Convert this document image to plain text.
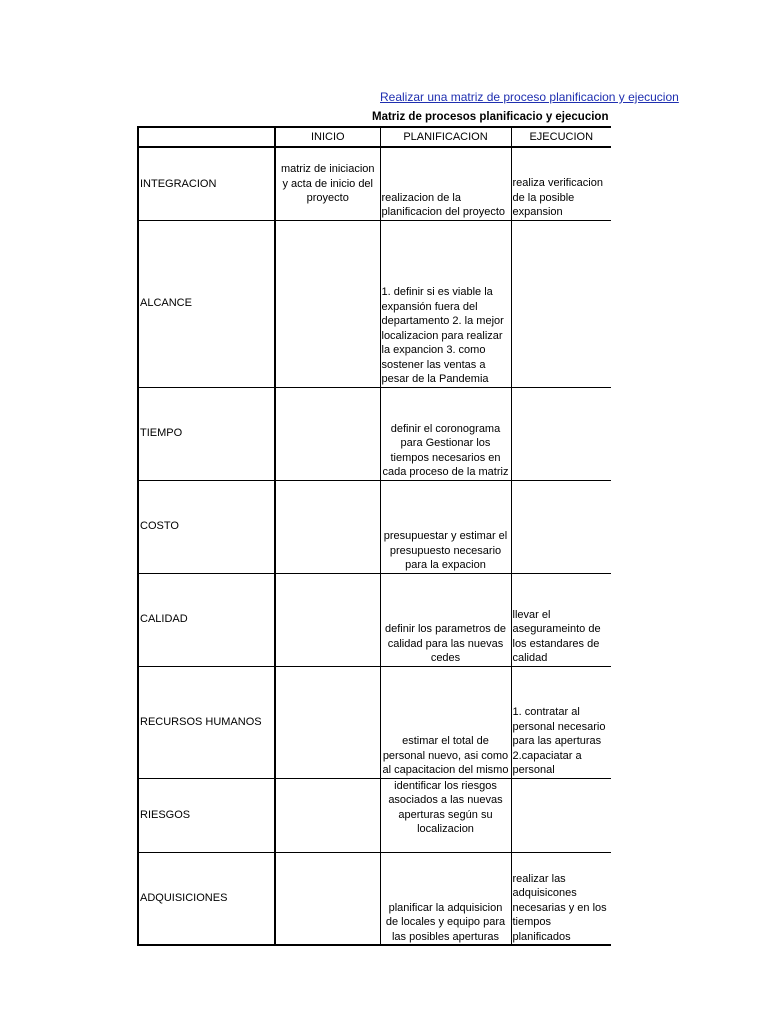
Realizar una matriz de proceso planificacion y ejecucion
Matriz de procesos planificacio y ejecucion
	INICIO	PLANIFICACION	EJECUCION
INTEGRACION	matriz de iniciacion y acta de inicio del proyecto	realizacion de la planificacion del proyecto	realiza verificacion de la posible expansion
ALCANCE		1. definir si es viable la expansión fuera del departamento 2. la mejor localizacion para realizar la expancion 3. como sostener las ventas a pesar de la Pandemia	
TIEMPO		definir el coronograma para Gestionar los tiempos necesarios en cada proceso de la matriz	
COSTO		presupuestar y estimar el presupuesto necesario para la expacion	
CALIDAD		definir los parametros de calidad para las nuevas cedes	llevar el asegurameinto de los estandares de calidad
RECURSOS HUMANOS		estimar el total de personal nuevo, asi como al capacitacion del mismo	1. contratar al personal necesario para las aperturas 2.capaciatar a personal
RIESGOS		identificar los riesgos asociados a las nuevas aperturas según su localizacion	
ADQUISICIONES		planificar la adquisicion de locales y equipo para las posibles aperturas	realizar las adquisicones necesarias y en los tiempos planificados
